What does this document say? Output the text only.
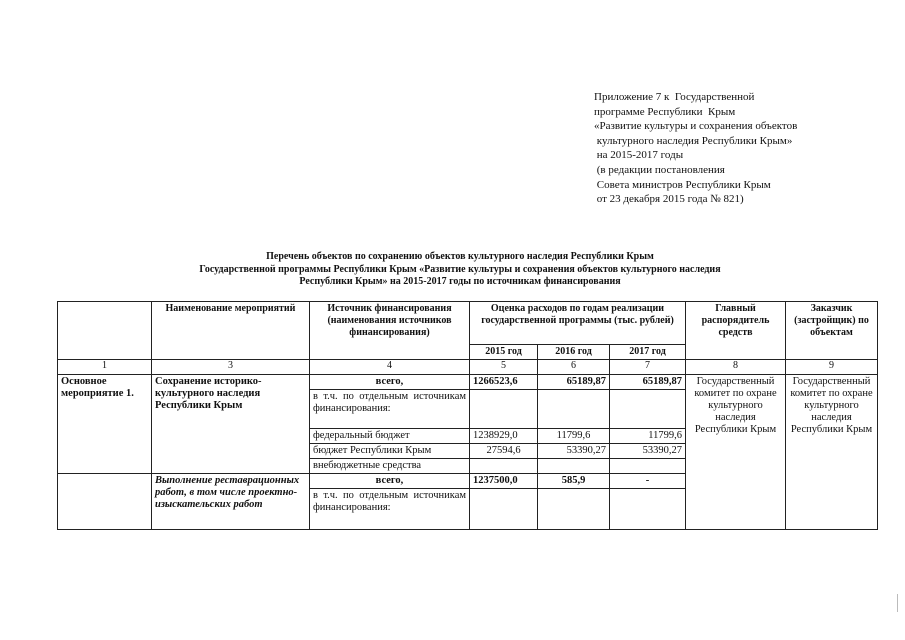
Приложение 7 к  Государственной
программе Республики  Крым
«Развитие культуры и сохранения объектов
культурного наследия Республики Крым»
на 2015-2017 годы
(в редакции постановления
Совета министров Республики Крым
от 23 декабря 2015 года № 821)
Перечень объектов по сохранению объектов культурного наследия Республики Крым
Государственной программы Республики Крым «Развитие культуры и сохранения объектов культурного наследия
Республики Крым» на 2015-2017 годы по источникам финансирования
	Наименование мероприятий	Источник финансирования (наименования источников финансирования)	Оценка расходов по годам реализации государственной программы (тыс. рублей)			Главный распорядитель средств	Заказчик (застройщик) по объектам
			2015 год	2016 год	2017 год		
1	3	4	5	6	7	8	9
Основное мероприятие 1.	Сохранение историко-культурного наследия Республики Крым	всего,	1266523,6	65189,87	65189,87	Государственный комитет по охране культурного наследия Республики Крым	Государственный комитет по охране культурного наследия Республики Крым
		в т.ч. по отдельным источникам финансирования:					
		федеральный бюджет	1238929,0	11799,6	11799,6		
		бюджет Республики Крым	27594,6	53390,27	53390,27		
		внебюджетные средства					
	Выполнение реставрационных работ, в том числе проектно-изыскательских работ	всего,	1237500,0	585,9	-		
		в т.ч. по отдельным источникам финансирования:					
